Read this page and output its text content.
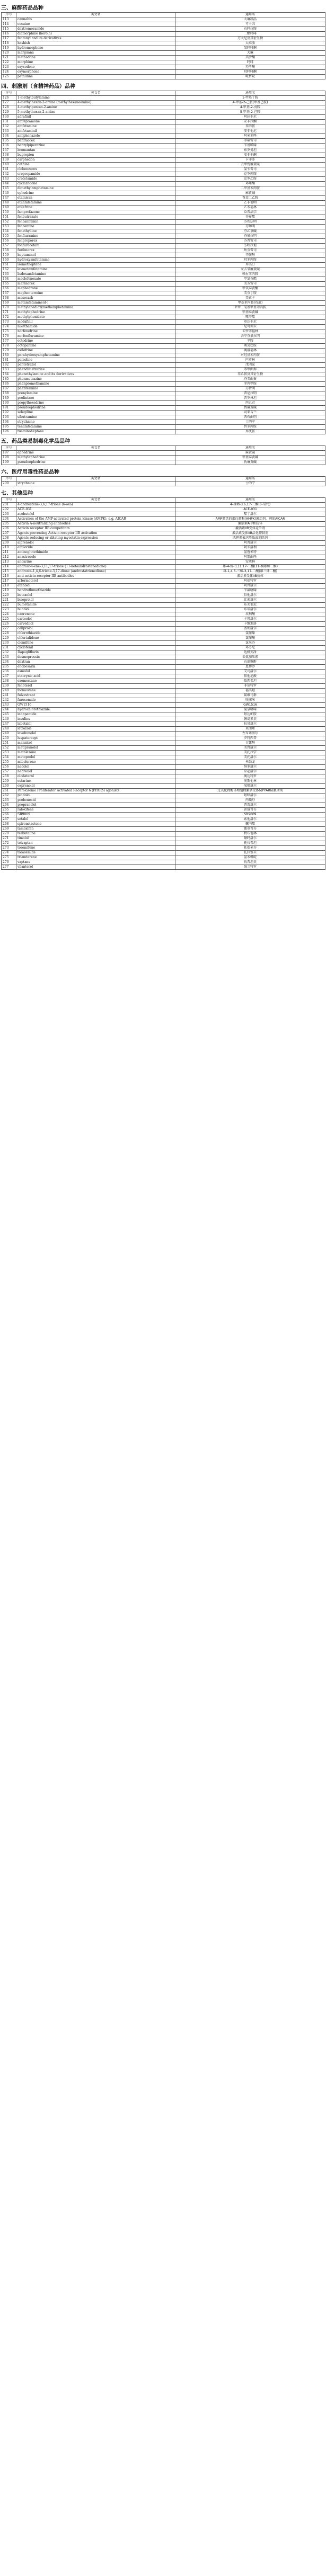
三、麻醉药品品种
序号	英文名	通用名
113	cannabis	大麻制品
114	cocaine	可卡因
115	dextromoramide	右吗拉胺
116	diamorphine (heroin)	二醋吗啡
117	fentanyl and its derivatives	芬太尼及其衍生物
118	hashish	大麻脂
119	hydromorphone	氢吗啡酮
120	marijuana	大麻
121	methadone	美沙酮
122	morphine	吗啡
123	oxycodone	羟考酮
124	oxymorphone	羟吗啡酮
125	pethidine	哌替啶
四、刺激剂（含精神药品）品种
序号	英文名	通用名
126	1-methylbutylamine	1-甲基丁胺
127	4-methylhexan-2-amine (methylhexaneamine)	4-甲基-2-己胺(甲基己胺)
128	4-methylpentan-2-amine	4-甲基-2-戊胺
129	5-methylhexan-2-amine	5-甲基-2-己胺
130	adrafinil	阿屈非尼
131	amfepramone	安非拉酮
132	amfetamine	苯丙胺
133	amfetaminil	安非他尼
134	amiphenazole	阿米苯唑
135	benfluorex	苯氟雷司
136	benzylpiperazine	苄基哌嗪
137	bromantan	布罗曼坦
138	bupropion	安非他酮
139	carphedon	卡非多
140	cathine	去甲伪麻黄碱
141	clobenzorex	氯苄雷司
142	cropropamide	克罗丙胺
143	crotetamide	克罗乙胺
144	cyclazodone	环唑酮
145	dimethylamphetamine	二甲基苯丙胺
146	ephedrine	麻黄碱
147	etamivan	香草二乙胺
148	etilamfetamine	乙非他明
149	etilefrine	乙苯福林
150	famprofazone	泛普法宗
151	fenbutrazate	芬布酯
152	fencamfamin	芬坎法明
153	fencamine	芬咖明
154	fenethylline	芬乙茶碱
155	fenfluramine	芬氟拉明
156	fenproporex	芬普雷司
157	fonturacetam	芬呋拉坦
158	furfenorex	呋芬雷司
159	heptaminol	辛胺醇
160	hydroxyamfetamine	羟苯丙胺
161	isometheptene	异美汀
162	levmetamfetamine	左去氧麻黄碱
163	lisdexamfetamine	赖右苯丙胺
164	meclofenoxate	甲氯芬酯
165	mefenorex	美芬雷司
166	mephedrone	甲氧麻黄酮
167	mephentermine	美芬丁胺
168	mesocarb	美索卡
169	metamfetamine(d-)	甲基苯丙胺(右旋)
170	methylenedioxymethamphetamine	亚甲二氧基甲基苯丙胺
171	methylephedrine	甲基麻黄碱
172	methylphenidate	哌甲酯
173	modafinil	莫达非尼
174	nikethamide	尼可刹米
175	norfenefrine	去甲苯福林
176	norfenfluramine	去甲芬氟拉明
177	octodrine	辛胺
178	octopamine	奥克巴胺
179	oxilofrine	奥洛福林
180	parahydroxyamphetamine	对羟基苯丙胺
181	pemoline	匹莫林
182	pentetrazol	戊四氮
183	phendimetrazine	苯甲曲秦
184	phenethylamine and its derivatives	苯乙胺及其衍生物
185	phenmetrazine	芬美曲秦
186	phenpromethamine	苯丙甲胺
187	phentermine	芬特明
188	prenylamine	普尼拉明
189	prolintane	普罗林坦
190	propylhexedrine	丙己君
191	pseudoephedrine	伪麻黄碱
192	selegiline	司来吉兰
193	sibutramine	西布曲明
194	strychnine	士的宁
195	tenamfetamine	替苯丙胺
196	tuaminoheptane	异庚胺
五、药品类易制毒化学品品种
序号	英文名	通用名
197	ephedrine	麻黄碱
198	methylephedrine	甲基麻黄碱
199	pseudoephedrine	伪麻黄碱
六、医疗用毒性药品品种
序号	英文名	通用名
200	strychnine	士的宁
七、其他品种
序号	英文名	通用名
201	4-androstene-3,6,17-trione (6-oxo)	4-雄烯-3,6,17-三酮(6-氧代)
202	ACE-031	ACE-031
203	acebutolol	醋丁洛尔
204	Activators of the AMP-activated protein kinase (AMPK), e.g. AICAR	AMP激活的蛋白激酶(AMPK)激动剂，例如AICAR
205	Activin A-neutralizing antibodies	激活素A中和抗体
206	Activin receptor IIB competitors	激活素IIB受体竞争剂
207	Agents preventing Activin receptor IIB activation	激活素受体IIB活化抑制剂
208	Agents reducing or ablating myostatin expression	肌抑素表达降低或消除剂
209	alprenolol	阿普洛尔
210	amiloride	阿米洛利
211	aminoglutethimide	氨鲁米特
212	anastrozole	阿那曲唑
213	andarine	安达林
214	androst-4-ene-3,11,17-trione (11-ketoandrostenedione)	雄-4-烯-3,11,17-三酮(11-酮雄烯二酮)
215	androsta-1,4,6-triene-3,17-dione (androstatrienedione)	雄-1,4,6-三烯-3,17-二酮(雄三烯二酮)
216	anti-activin receptor IIB antibodies	激活素受体IIB抗体
217	arformoterol	阿福特罗
218	atenolol	阿替洛尔
219	bendroflumethiazide	苄氟噻嗪
220	betaxolol	倍他洛尔
221	bisoprolol	比索洛尔
222	bumetanide	布美他尼
223	bunolol	布诺洛尔
224	canrenone	坎利酮
225	carteolol	卡替洛尔
226	carvedilol	卡维地洛
227	celiprolol	塞利洛尔
228	chlorothiazide	氯噻嗪
229	chlortalidone	氯噻酮
230	clomifene	氯米芬
231	cyclofenil	环芬尼
232	Dapagliflozin	达格列净
233	desmopressin	去氨加压素
234	dextran	右旋糖酐
235	enobosarm	恩博沙
236	esmolol	艾司洛尔
237	etacrynic acid	依他尼酸
238	exemestane	依西美坦
239	fenoterol	非诺特罗
240	formestane	福美坦
241	fulvestrant	氟维司群
242	furosemide	呋塞米
243	GW1516	GW1516
244	hydrochlorothiazide	氢氯噻嗪
245	indapamide	吲达帕胺
246	insulins	胰岛素类
247	labetalol	拉贝洛尔
248	letrozole	来曲唑
249	levobunolol	左布诺洛尔
250	luspatercept	罗特西普
251	mannitol	甘露醇
252	metipranolol	美替洛尔
253	metolazone	美托拉宗
254	metoprolol	美托洛尔
255	mibolerone	米勃龙
256	nadolol	纳多洛尔
257	nebivolol	奈必洛尔
258	olodaterol	奥达特罗
259	ostarine	奥斯他林
260	oxprenolol	氧烯洛尔
261	Peroxisome Proliferator Activated Receptor δ (PPARδ) agonists	过氧化物酶体增殖物激活受体δ(PPARδ)激动剂
262	pindolol	吲哚洛尔
263	probenecid	丙磺舒
264	propranolol	普萘洛尔
265	raloxifene	雷洛昔芬
266	SR9009	SR9009
267	sotalol	索他洛尔
268	spironolactone	螺内酯
269	tamoxifen	他莫昔芬
270	terbutaline	特布他林
271	timolol	噻吗洛尔
272	tolvaptan	托伐普坦
273	toremifene	托瑞米芬
274	torasemide	托拉塞米
275	triamterene	氨苯蝶啶
276	vaptans	伐普坦类
277	vilanterol	维兰特罗
